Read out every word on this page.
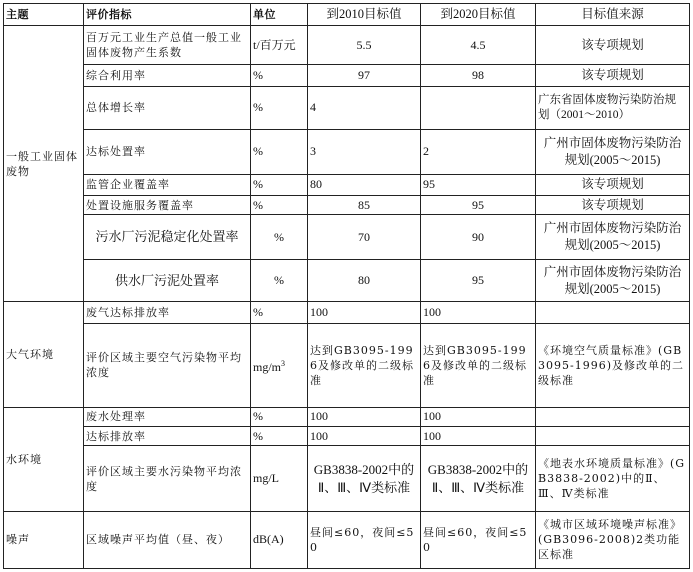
主题	评价指标	单位	到2010目标值	到2020目标值	目标值来源
一般工业固体废物	百万元工业生产总值一般工业固体废物产生系数	t/百万元	5.5	4.5	该专项规划
	综合利用率	%	97	98	该专项规划
	总体增长率	%	4		广东省固体废物污染防治规划（2001～2010）
	达标处置率	%	3	2	广州市固体废物污染防治规划(2005～2015)
	监管企业覆盖率	%	80	95	该专项规划
	处置设施服务覆盖率	%	85	95	该专项规划
	污水厂污泥稳定化处置率	%	70	90	广州市固体废物污染防治规划(2005～2015)
	供水厂污泥处置率	%	80	95	广州市固体废物污染防治规划(2005～2015)
大气环境	废气达标排放率	%	100	100	
	评价区域主要空气污染物平均浓度	$mg/m^3$	达到GB3095-1996及修改单的二级标准	达到GB3095-1996及修改单的二级标准	《环境空气质量标准》(GB3095-1996)及修改单的二级标准
水环境	废水处理率	%	100	100	
	达标排放率	%	100	100	
	评价区域主要水污染物平均浓度	mg/L	GB3838-2002中的Ⅱ、Ⅲ、Ⅳ类标准	GB3838-2002中的Ⅱ、Ⅲ、Ⅳ类标准	《地表水环境质量标准》(GB3838-2002)中的Ⅱ、Ⅲ、Ⅳ类标准
噪声	区域噪声平均值（昼、夜）	dB(A)	昼间≤60，夜间≤50	昼间≤60，夜间≤50	《城市区域环境噪声标准》(GB3096-2008)2类功能区标准
